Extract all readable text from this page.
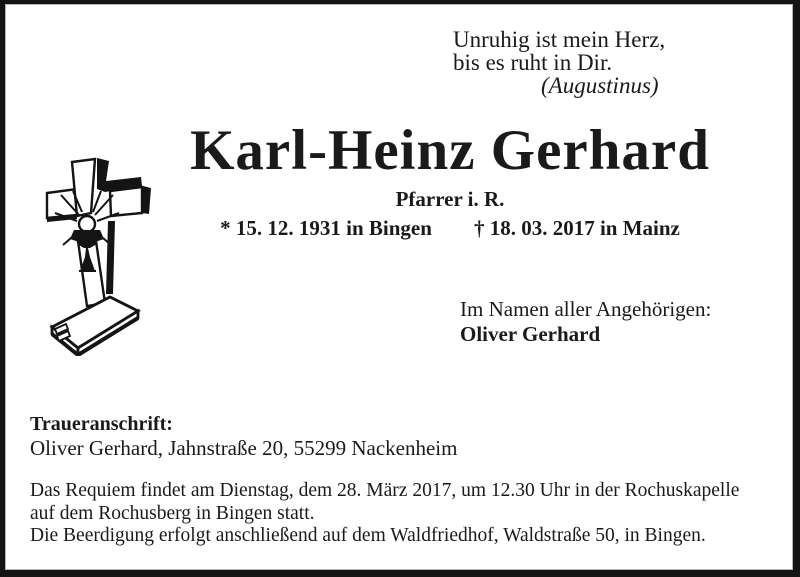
Unruhig ist mein Herz,
bis es ruht in Dir.
(Augustinus)
Karl-Heinz Gerhard
Pfarrer i. R.
* 15. 12. 1931 in Bingen † 18. 03. 2017 in Mainz
Im Namen aller Angehörigen:
Oliver Gerhard
Traueranschrift:
Oliver Gerhard, Jahnstraße 20, 55299 Nackenheim
Das Requiem findet am Dienstag, dem 28. März 2017, um 12.30 Uhr in der Rochuskapelle
auf dem Rochusberg in Bingen statt.
Die Beerdigung erfolgt anschließend auf dem Waldfriedhof, Waldstraße 50, in Bingen.
